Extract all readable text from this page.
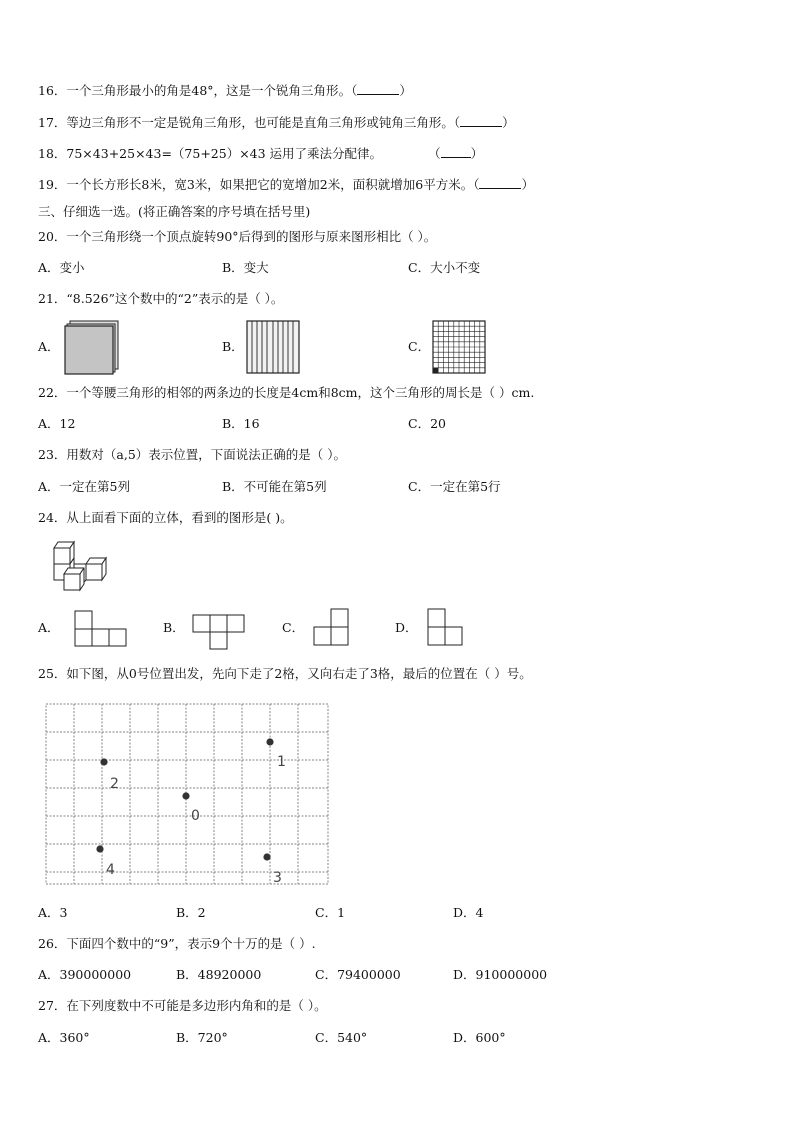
16．一个三角形最小的角是48°，这是一个锐角三角形。（	）
17．等边三角形不一定是锐角三角形，也可能是直角三角形或钝角三角形。（	）
18．75×43+25×43=（75+25）×43 运用了乘法分配律。	（ ）
19．一个长方形长8米，宽3米，如果把它的宽增加2米，面积就增加6平方米。（	）
三、仔细选一选。(将正确答案的序号填在括号里)
20．一个三角形绕一个顶点旋转90°后得到的图形与原来图形相比（ ）。
A．变小	B．变大	C．大小不变
21．“8.526”这个数中的“2”表示的是（ ）。
A．	B．	C．
22．一个等腰三角形的相邻的两条边的长度是4cm和8cm，这个三角形的周长是（ ）cm.
A．12	B．16	C．20
23．用数对（a,5）表示位置，下面说法正确的是（ ）。
A．一定在第5列	B．不可能在第5列	C．一定在第5行
24．从上面看下面的立体，看到的图形是( )。
A．	B．	C．	D．
25．如下图，从0号位置出发，先向下走了2格，又向右走了3格，最后的位置在（ ）号。
1
2
0
4	3
A．3	B．2	C．1	D．4
26．下面四个数中的“9”，表示9个十万的是（ ）.
A．390000000	B．48920000	C．79400000	D．910000000
27．在下列度数中不可能是多边形内角和的是（ ）。
A．360°	B．720°	C．540°	D．600°
